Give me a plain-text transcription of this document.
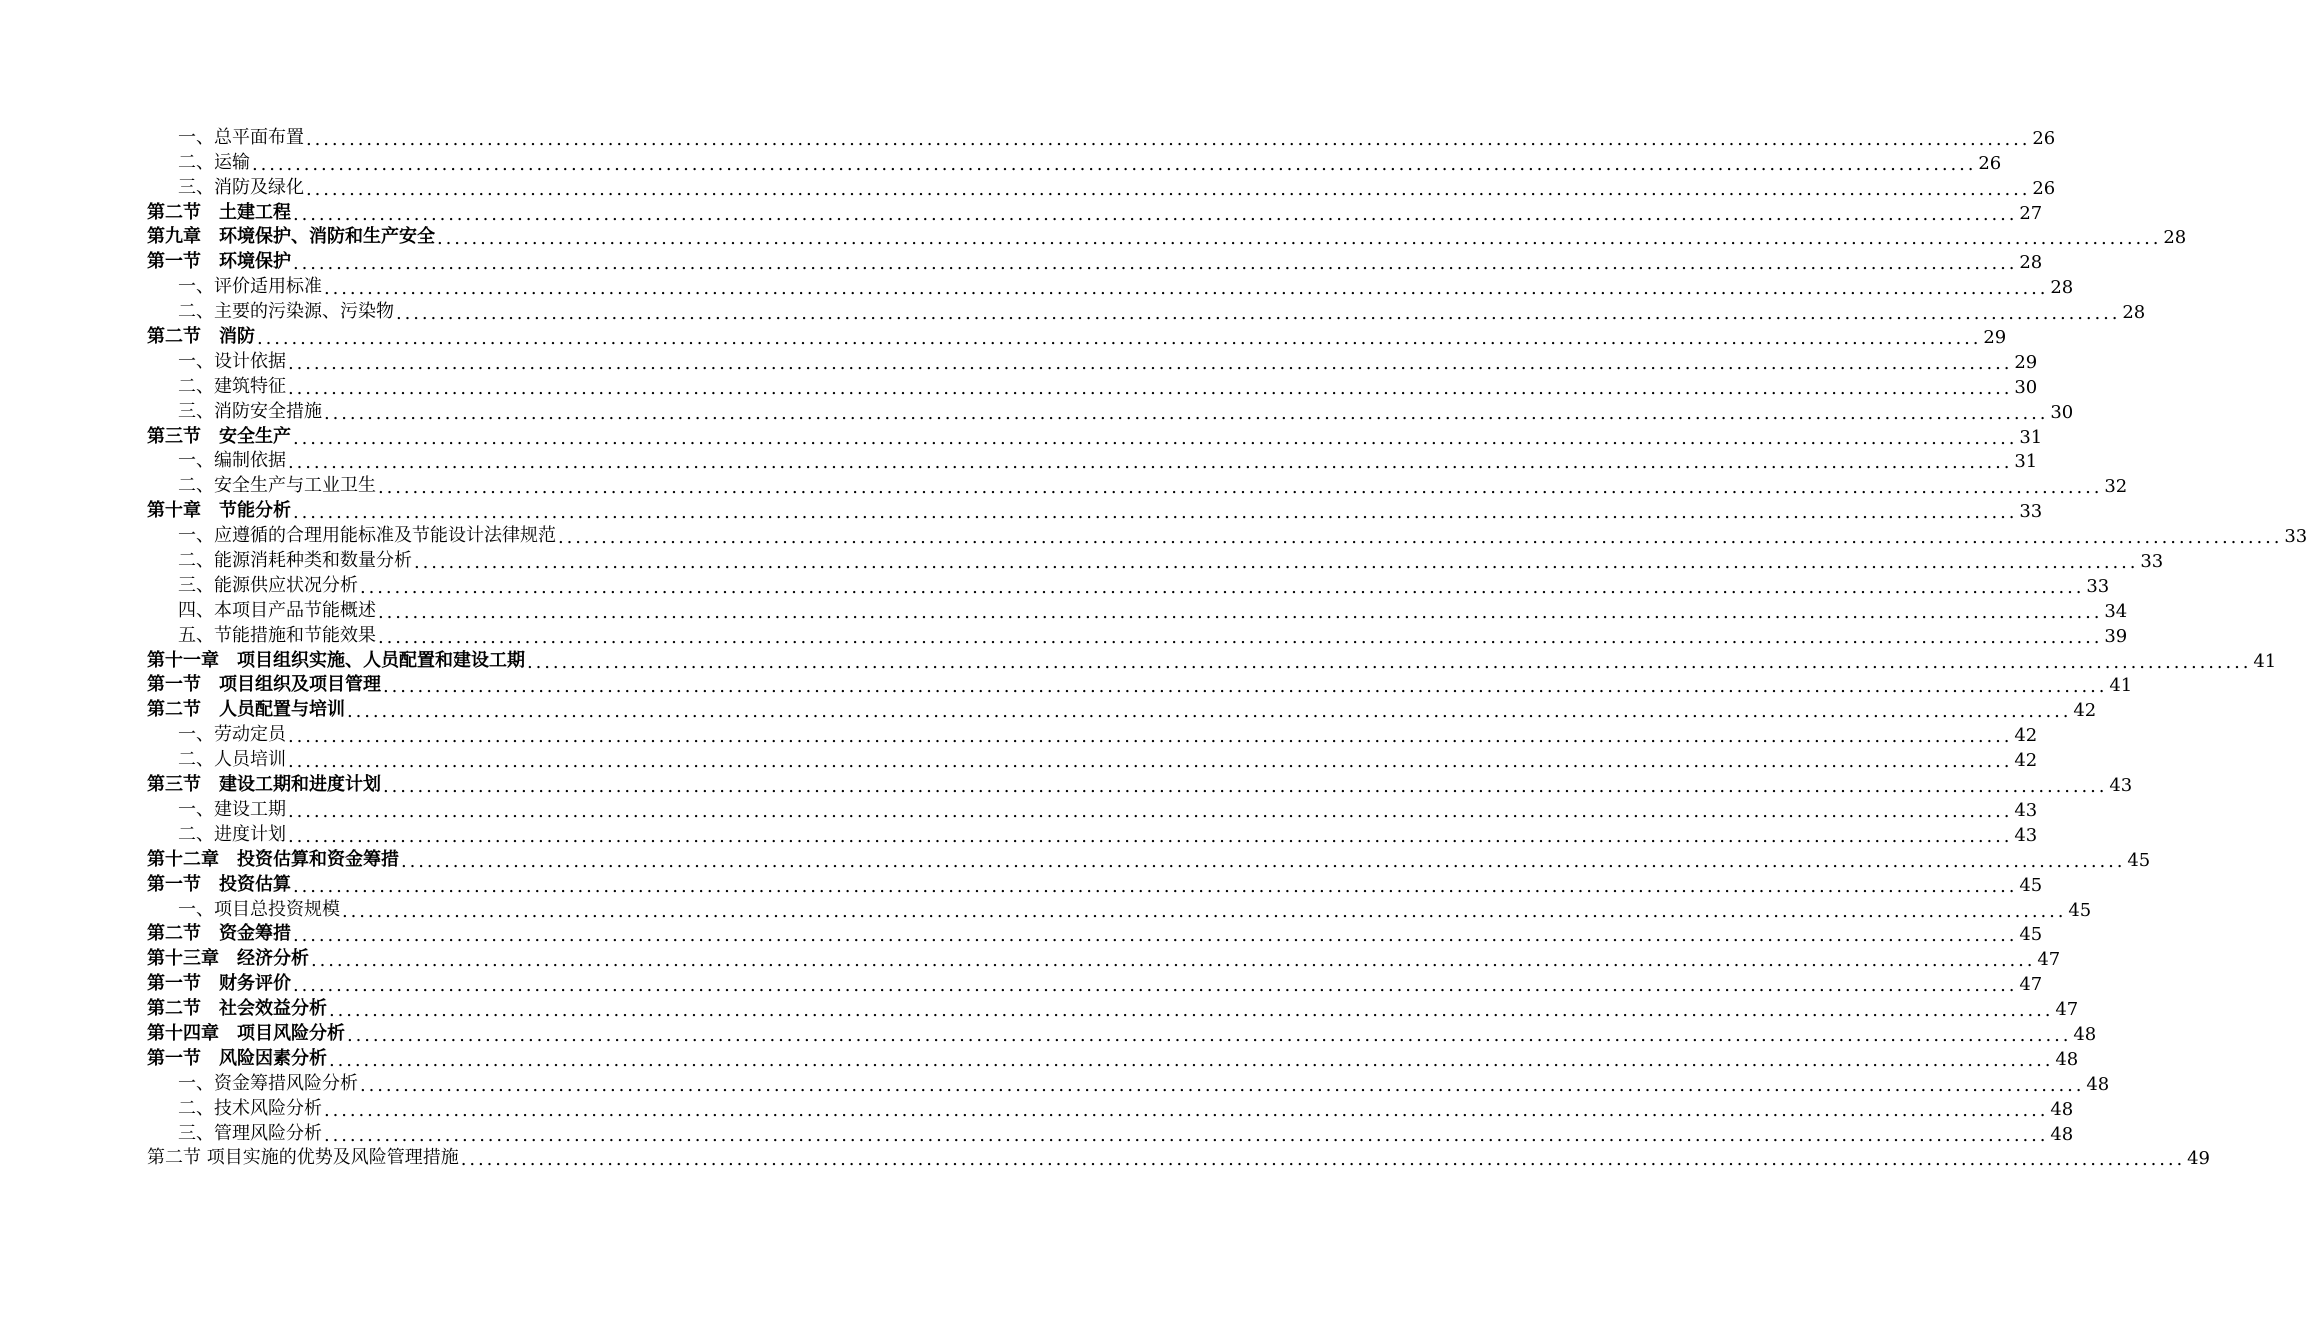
一、总平面布置 ........................................................................................................................................................................................................ 26
二、运输 ........................................................................................................................................................................................................ 26
三、消防及绿化 ........................................................................................................................................................................................................ 26
第二节　土建工程 ........................................................................................................................................................................................................ 27
第九章　环境保护、消防和生产安全 ........................................................................................................................................................................................................ 28
第一节　环境保护 ........................................................................................................................................................................................................ 28
一、评价适用标准 ........................................................................................................................................................................................................ 28
二、主要的污染源、污染物 ........................................................................................................................................................................................................ 28
第二节　消防 ........................................................................................................................................................................................................ 29
一、设计依据 ........................................................................................................................................................................................................ 29
二、建筑特征 ........................................................................................................................................................................................................ 30
三、消防安全措施 ........................................................................................................................................................................................................ 30
第三节　安全生产 ........................................................................................................................................................................................................ 31
一、编制依据 ........................................................................................................................................................................................................ 31
二、安全生产与工业卫生 ........................................................................................................................................................................................................ 32
第十章　节能分析 ........................................................................................................................................................................................................ 33
一、应遵循的合理用能标准及节能设计法律规范 ........................................................................................................................................................................................................ 33
二、能源消耗种类和数量分析 ........................................................................................................................................................................................................ 33
三、能源供应状况分析 ........................................................................................................................................................................................................ 33
四、本项目产品节能概述 ........................................................................................................................................................................................................ 34
五、节能措施和节能效果 ........................................................................................................................................................................................................ 39
第十一章　项目组织实施、人员配置和建设工期 ........................................................................................................................................................................................................ 41
第一节　项目组织及项目管理 ........................................................................................................................................................................................................ 41
第二节　人员配置与培训 ........................................................................................................................................................................................................ 42
一、劳动定员 ........................................................................................................................................................................................................ 42
二、人员培训 ........................................................................................................................................................................................................ 42
第三节　建设工期和进度计划 ........................................................................................................................................................................................................ 43
一、建设工期 ........................................................................................................................................................................................................ 43
二、进度计划 ........................................................................................................................................................................................................ 43
第十二章　投资估算和资金筹措 ........................................................................................................................................................................................................ 45
第一节　投资估算 ........................................................................................................................................................................................................ 45
一、项目总投资规模 ........................................................................................................................................................................................................ 45
第二节　资金筹措 ........................................................................................................................................................................................................ 45
第十三章　经济分析 ........................................................................................................................................................................................................ 47
第一节　财务评价 ........................................................................................................................................................................................................ 47
第二节　社会效益分析 ........................................................................................................................................................................................................ 47
第十四章　项目风险分析 ........................................................................................................................................................................................................ 48
第一节　风险因素分析 ........................................................................................................................................................................................................ 48
一、资金筹措风险分析 ........................................................................................................................................................................................................ 48
二、技术风险分析 ........................................................................................................................................................................................................ 48
三、管理风险分析 ........................................................................................................................................................................................................ 48
第二节 项目实施的优势及风险管理措施 ........................................................................................................................................................................................................ 49
